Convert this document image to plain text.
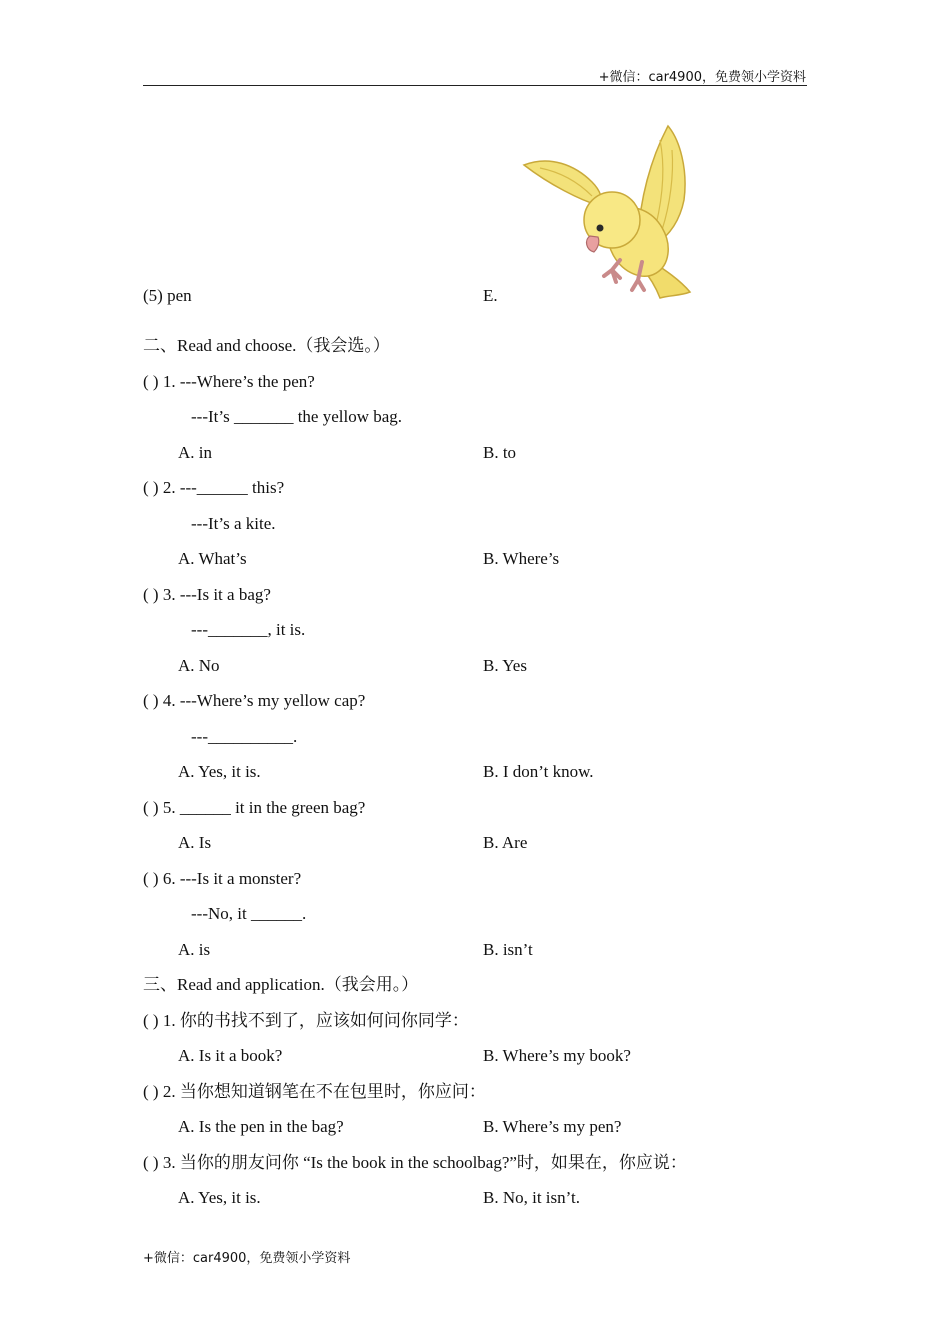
+微信：car4900，免费领小学资料
(5) pen	E.
二、Read and choose.（我会选。）
( ) 1. ---Where’s the pen?
---It’s _______ the yellow bag.
A. in	B. to
( ) 2. ---______ this?
---It’s a kite.
A. What’s	B. Where’s
( ) 3. ---Is it a bag?
---_______, it is.
A. No	B. Yes
( ) 4. ---Where’s my yellow cap?
---__________.
A. Yes, it is.	B. I don’t know.
( ) 5. ______ it in the green bag?
A. Is	B. Are
( ) 6. ---Is it a monster?
---No, it ______.
A. is	B. isn’t
三、Read and application.（我会用。）
( ) 1. 你的书找不到了，应该如何问你同学：
A. Is it a book?	B. Where’s my book?
( ) 2. 当你想知道钢笔在不在包里时，你应问：
A. Is the pen in the bag?	B. Where’s my pen?
( ) 3. 当你的朋友问你 “Is the book in the schoolbag?”时，如果在，你应说：
A. Yes, it is.	B. No, it isn’t.
+微信：car4900，免费领小学资料
